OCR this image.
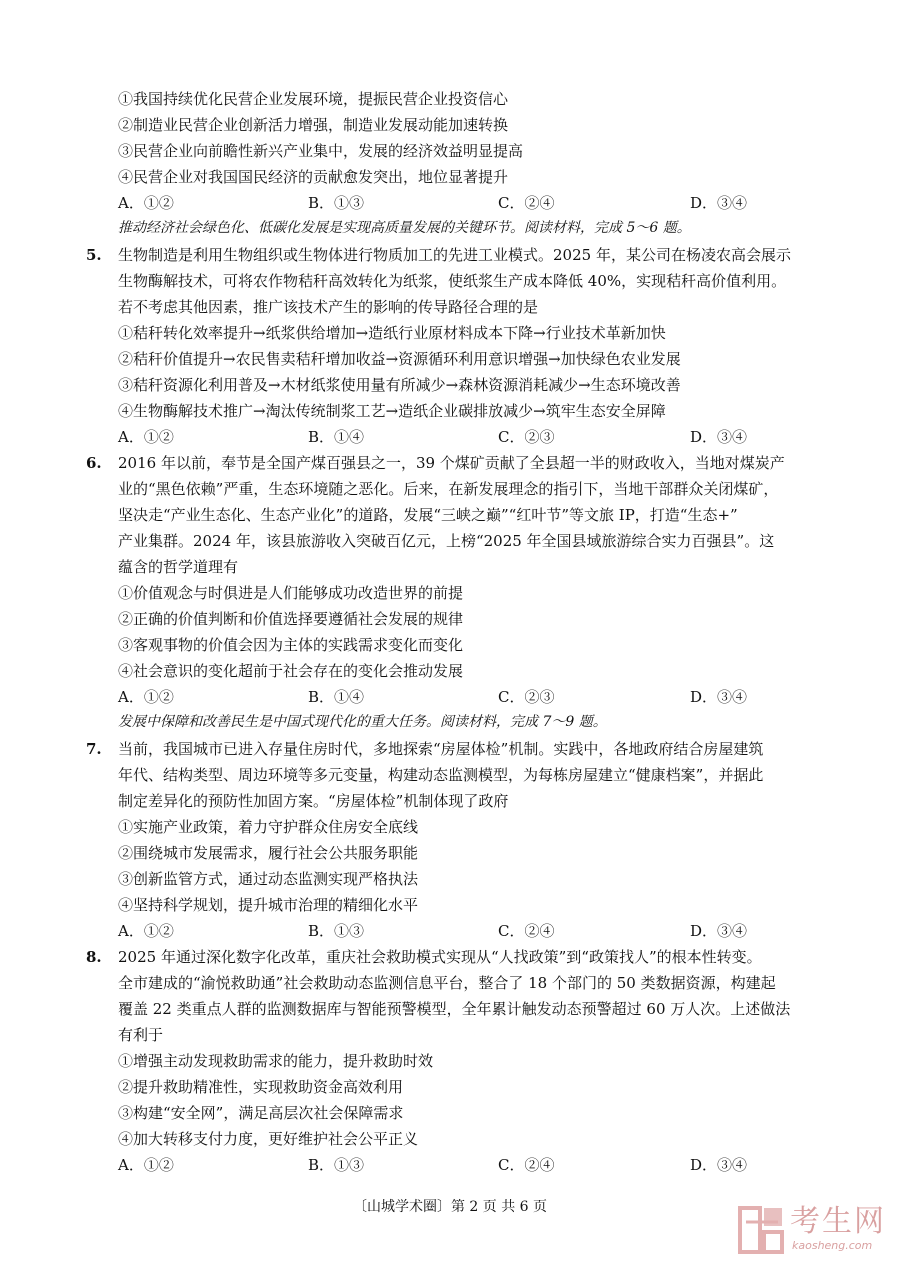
①我国持续优化民营企业发展环境，提振民营企业投资信心
②制造业民营企业创新活力增强，制造业发展动能加速转换
③民营企业向前瞻性新兴产业集中，发展的经济效益明显提高
④民营企业对我国国民经济的贡献愈发突出，地位显著提升
A．①②	B．①③	C．②④	D．③④
推动经济社会绿色化、低碳化发展是实现高质量发展的关键环节。阅读材料，完成 5～6 题。
5. 生物制造是利用生物组织或生物体进行物质加工的先进工业模式。2025 年，某公司在杨凌农高会展示
生物酶解技术，可将农作物秸秆高效转化为纸浆，使纸浆生产成本降低 40%，实现秸秆高价值利用。
若不考虑其他因素，推广该技术产生的影响的传导路径合理的是
①秸秆转化效率提升→纸浆供给增加→造纸行业原材料成本下降→行业技术革新加快
②秸秆价值提升→农民售卖秸秆增加收益→资源循环利用意识增强→加快绿色农业发展
③秸秆资源化利用普及→木材纸浆使用量有所减少→森林资源消耗减少→生态环境改善
④生物酶解技术推广→淘汰传统制浆工艺→造纸企业碳排放减少→筑牢生态安全屏障
A．①②	B．①④	C．②③	D．③④
6. 2016 年以前，奉节是全国产煤百强县之一，39 个煤矿贡献了全县超一半的财政收入，当地对煤炭产
业的“黑色依赖”严重，生态环境随之恶化。后来，在新发展理念的指引下，当地干部群众关闭煤矿，
坚决走“产业生态化、生态产业化”的道路，发展“三峡之巅”“红叶节”等文旅 IP，打造“生态+”
产业集群。2024 年，该县旅游收入突破百亿元，上榜“2025 年全国县域旅游综合实力百强县”。这
蕴含的哲学道理有
①价值观念与时俱进是人们能够成功改造世界的前提
②正确的价值判断和价值选择要遵循社会发展的规律
③客观事物的价值会因为主体的实践需求变化而变化
④社会意识的变化超前于社会存在的变化会推动发展
A．①②	B．①④	C．②③	D．③④
发展中保障和改善民生是中国式现代化的重大任务。阅读材料，完成 7～9 题。
7. 当前，我国城市已进入存量住房时代，多地探索“房屋体检”机制。实践中，各地政府结合房屋建筑
年代、结构类型、周边环境等多元变量，构建动态监测模型，为每栋房屋建立“健康档案”，并据此
制定差异化的预防性加固方案。“房屋体检”机制体现了政府
①实施产业政策，着力守护群众住房安全底线
②围绕城市发展需求，履行社会公共服务职能
③创新监管方式，通过动态监测实现严格执法
④坚持科学规划，提升城市治理的精细化水平
A．①②	B．①③	C．②④	D．③④
8. 2025 年通过深化数字化改革，重庆社会救助模式实现从“人找政策”到“政策找人”的根本性转变。
全市建成的“渝悦救助通”社会救助动态监测信息平台，整合了 18 个部门的 50 类数据资源，构建起
覆盖 22 类重点人群的监测数据库与智能预警模型，全年累计触发动态预警超过 60 万人次。上述做法
有利于
①增强主动发现救助需求的能力，提升救助时效
②提升救助精准性，实现救助资金高效利用
③构建“安全网”，满足高层次社会保障需求
④加大转移支付力度，更好维护社会公平正义
A．①②	B．①③	C．②④	D．③④
〔山城学术圈〕第 2 页 共 6 页	考生网
kaosheng.com
